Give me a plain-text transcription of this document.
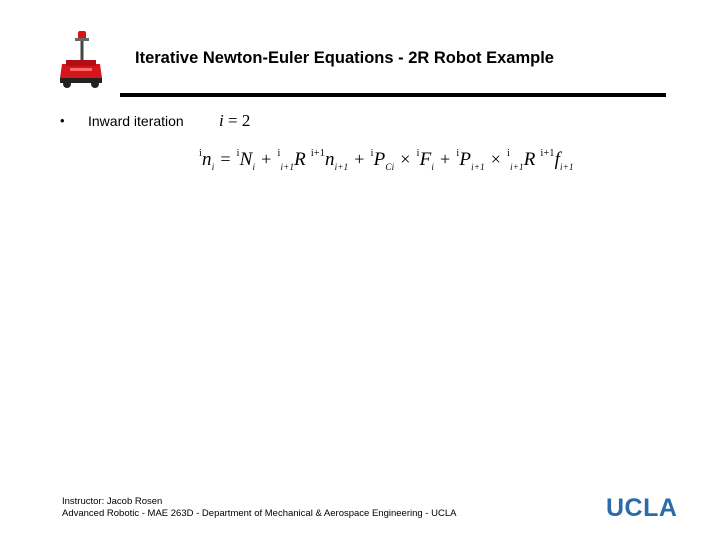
Iterative Newton-Euler Equations - 2R Robot Example
• Inward iteration i = 2
$^in_i = ^iN_i + ^i_{i+1}R$ $^{i+1}n_{i+1} + ^iP_{Ci} \times ^iF_i + ^iP_{i+1} \times ^i_{i+1}R$ $^{i+1}f_{i+1}$
Instructor: Jacob Rosen
Advanced Robotic - MAE 263D - Department of Mechanical & Aerospace Engineering - UCLA	UCLA
